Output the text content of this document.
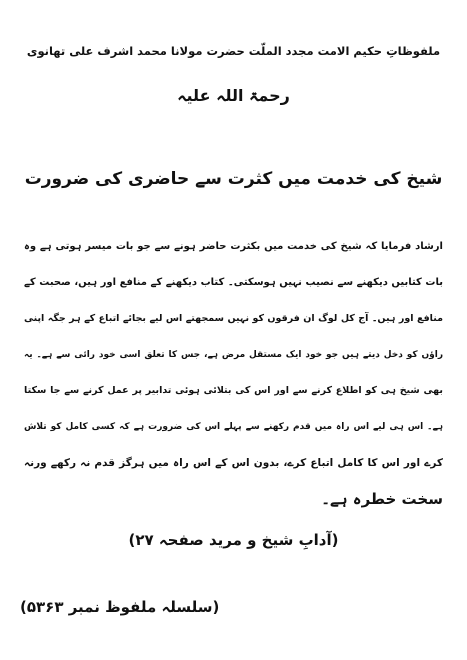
ملفوظاتِ حکیم الامت مجدد الملّت حضرت مولانا محمد اشرف علی تھانوی
رحمۃ اللہ علیہ
شیخ کی خدمت میں کثرت سے حاضری کی ضرورت
ارشاد فرمایا کہ شیخ کی خدمت میں بکثرت حاضر ہونے سے جو بات میسر ہوتی ہے وہ
بات کتابیں دیکھنے سے نصیب نہیں ہوسکتی۔ کتاب دیکھنے کے منافع اور ہیں، صحبت کے
منافع اور ہیں۔ آج کل لوگ ان فرقوں کو نہیں سمجھتے اس لیے بجائے اتباع کے ہر جگہ اپنی
راؤں کو دخل دیتے ہیں جو خود ایک مستقل مرض ہے، جس کا تعلق اسی خود رائی سے ہے۔ یہ
بھی شیخ ہی کو اطلاع کرنے سے اور اس کی بتلائی ہوئی تدابیر پر عمل کرنے سے جا سکتا
ہے۔ اس ہی لیے اس راہ میں قدم رکھنے سے پہلے اس کی ضرورت ہے کہ کسی کامل کو تلاش
کرے اور اس کا کامل اتباع کرے، بدون اس کے اس راہ میں ہرگز قدم نہ رکھے ورنہ
سخت خطرہ ہے۔
(آدابِ شیخ و مرید صفحہ ۲۷)
(سلسلہ ملفوظ نمبر ۵۳۶۳)
